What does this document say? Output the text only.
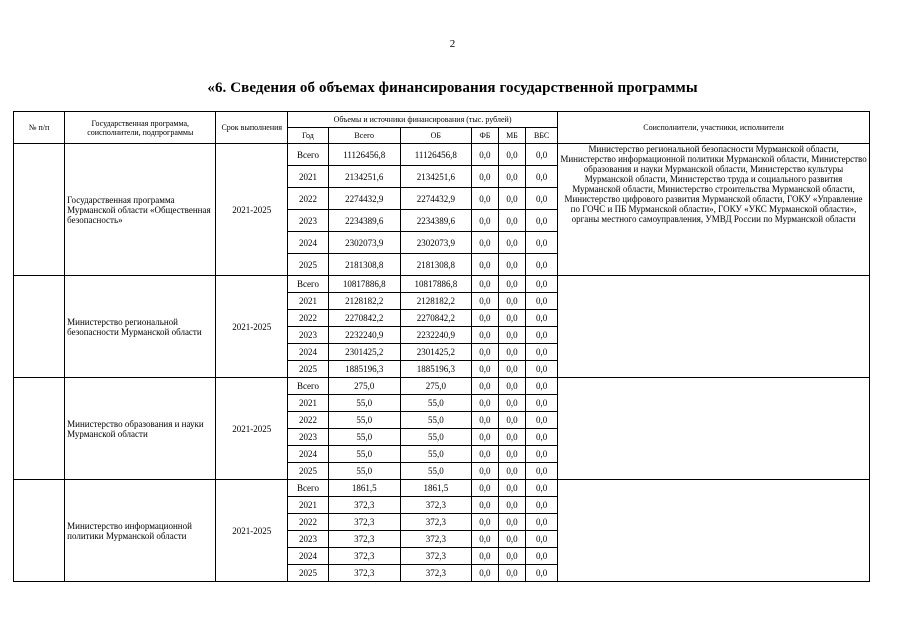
2
«6. Сведения об объемах финансирования государственной программы
№ п/п	Государственная программа, соисполнители, подпрограммы	Срок выполнения	Объемы и источники финансирования (тыс. рублей)						Соисполнители, участники, исполнители
			Год	Всего	ОБ	ФБ	МБ	ВБС	
	Государственная программа Мурманской области «Общественная безопасность»	2021-2025	Всего	11126456,8	11126456,8	0,0	0,0	0,0	Министерство региональной безопасности Мурманской области, Министерство информационной политики Мурманской области, Министерство образования и науки Мурманской области, Министерство культуры Мурманской области, Министерство труда и социального развития Мурманской области, Министерство строительства Мурманской области, Министерство цифрового развития Мурманской области, ГОКУ «Управление по ГОЧС и ПБ Мурманской области», ГОКУ «УКС Мурманской области», органы местного самоуправления, УМВД России по Мурманской области
			2021	2134251,6	2134251,6	0,0	0,0	0,0	
			2022	2274432,9	2274432,9	0,0	0,0	0,0	
			2023	2234389,6	2234389,6	0,0	0,0	0,0	
			2024	2302073,9	2302073,9	0,0	0,0	0,0	
			2025	2181308,8	2181308,8	0,0	0,0	0,0	
	Министерство региональной безопасности Мурманской области	2021-2025	Всего	10817886,8	10817886,8	0,0	0,0	0,0	
			2021	2128182,2	2128182,2	0,0	0,0	0,0	
			2022	2270842,2	2270842,2	0,0	0,0	0,0	
			2023	2232240,9	2232240,9	0,0	0,0	0,0	
			2024	2301425,2	2301425,2	0,0	0,0	0,0	
			2025	1885196,3	1885196,3	0,0	0,0	0,0	
	Министерство образования и науки Мурманской области	2021-2025	Всего	275,0	275,0	0,0	0,0	0,0	
			2021	55,0	55,0	0,0	0,0	0,0	
			2022	55,0	55,0	0,0	0,0	0,0	
			2023	55,0	55,0	0,0	0,0	0,0	
			2024	55,0	55,0	0,0	0,0	0,0	
			2025	55,0	55,0	0,0	0,0	0,0	
	Министерство информационной политики Мурманской области	2021-2025	Всего	1861,5	1861,5	0,0	0,0	0,0	
			2021	372,3	372,3	0,0	0,0	0,0	
			2022	372,3	372,3	0,0	0,0	0,0	
			2023	372,3	372,3	0,0	0,0	0,0	
			2024	372,3	372,3	0,0	0,0	0,0	
			2025	372,3	372,3	0,0	0,0	0,0	
